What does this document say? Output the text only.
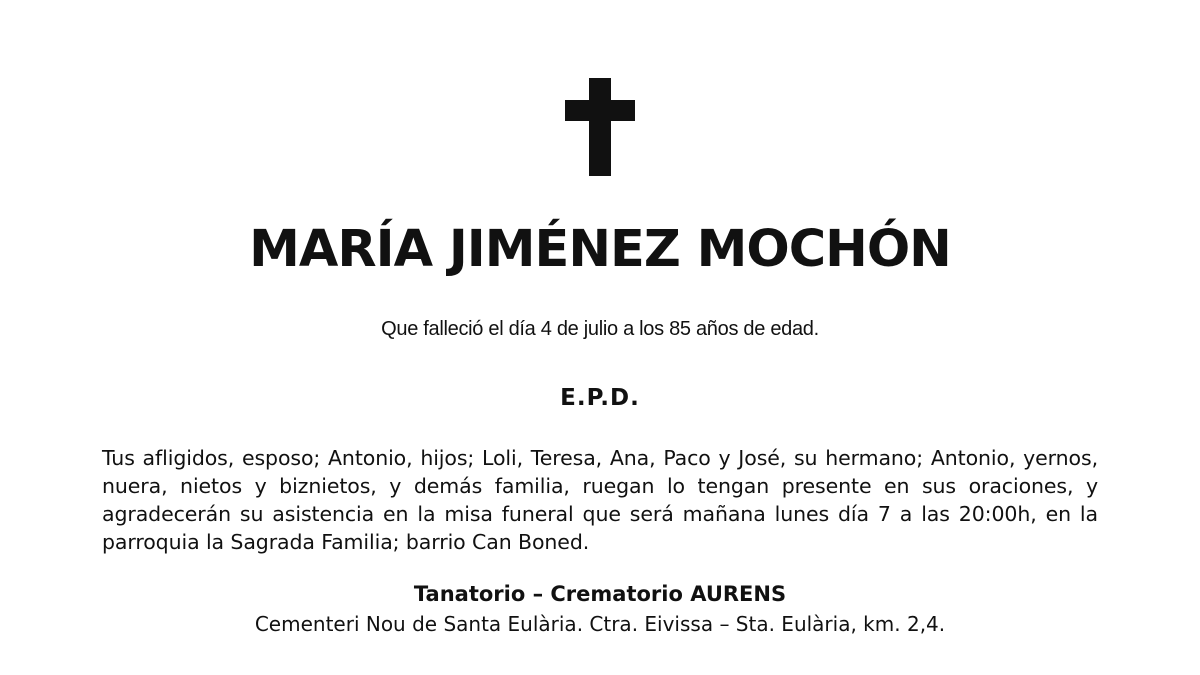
MARÍA JIMÉNEZ MOCHÓN
Que falleció el día 4 de julio a los 85 años de edad.
E.P.D.
Tus afligidos, esposo; Antonio, hijos; Loli, Teresa, Ana, Paco y José, su hermano; Antonio, yernos, nuera, nietos y biznietos, y demás familia, ruegan lo tengan presente en sus oraciones, y agradecerán su asistencia en la misa funeral que será mañana lunes día 7 a las 20:00h, en la parroquia la Sagrada Familia; barrio Can Boned.
Tanatorio – Crematorio AURENS
Cementeri Nou de Santa Eulària. Ctra. Eivissa – Sta. Eulària, km. 2,4.
